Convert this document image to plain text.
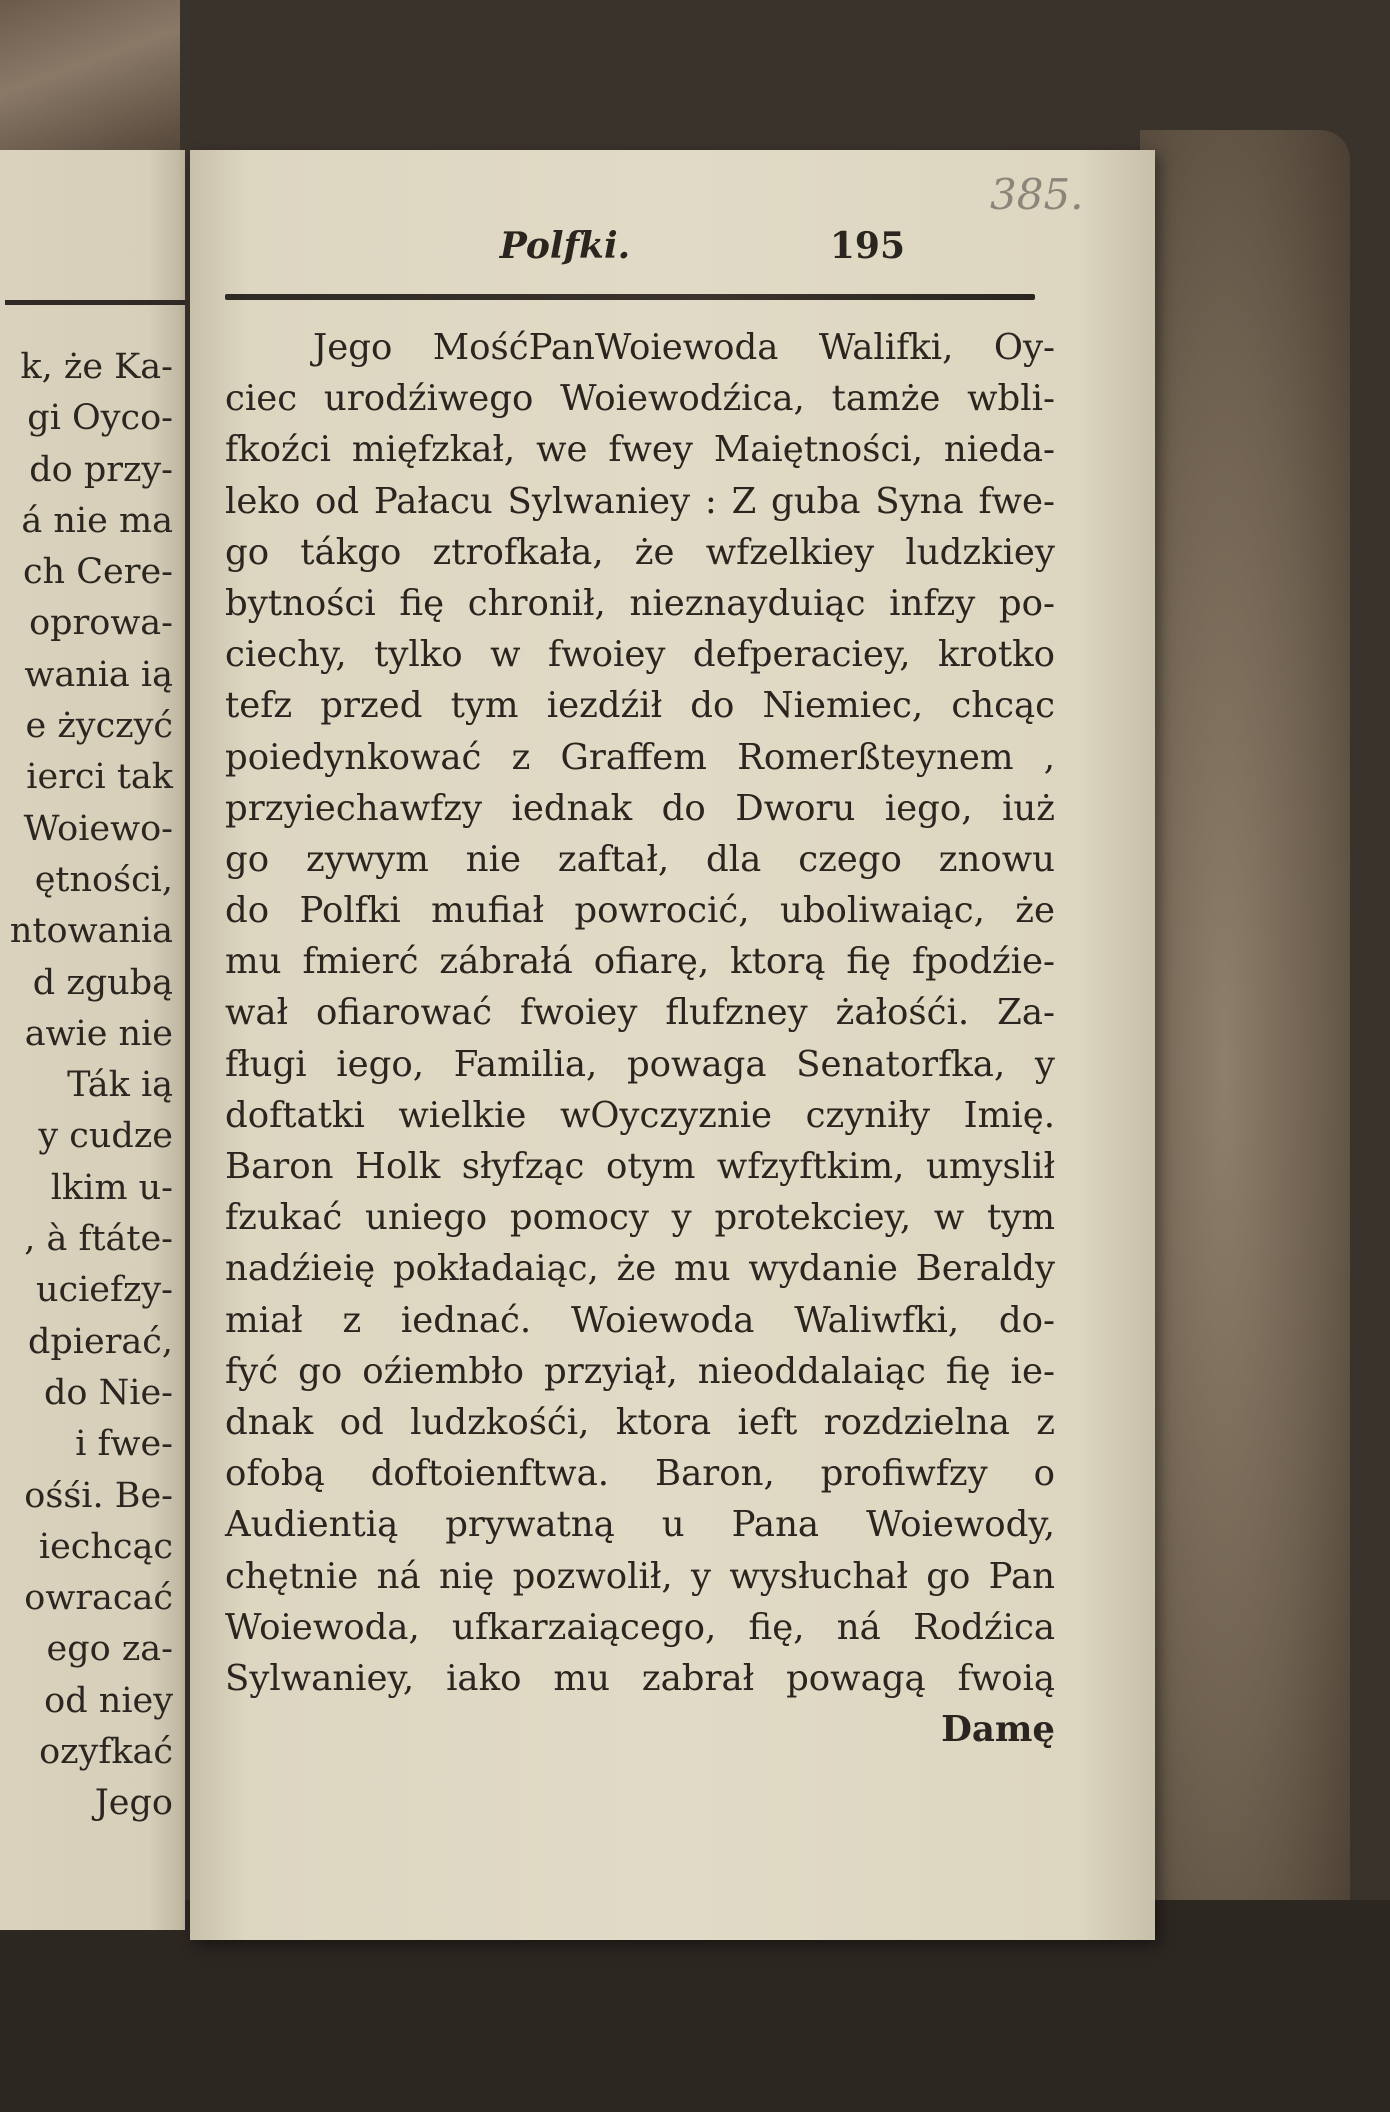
k, że Ka-
gi Oyco-
do przy-
á nie ma
ch Cere-
oprowa-
wania ią
e życzyć
ierci tak
Woiewo-
ętności,
ntowania
d zgubą
awie nie
Ták ią
y cudze
lkim u-
, à ftáte-
uciefzy-
dpierać,
do Nie-
i fwe-
ośśi. Be-
iechcąc
owracać
ego za-
od niey
ozyfkać
Jego
385.
Polfki.	195
Jego MośćPanWoiewoda Walifki, Oy-
ciec urodźiwego Woiewodźica, tamże wbli-
fkoźci mięfzkał, we fwey Maiętności, nieda-
leko od Pałacu Sylwaniey : Z guba Syna fwe-
go tákgo ztrofkała, że wfzelkiey ludzkiey
bytności fię chronił, nieznayduiąc infzy po-
ciechy, tylko w fwoiey defperaciey, krotko
tefz przed tym iezdźił do Niemiec, chcąc
poiedynkować z Graffem Romerßteynem ,
przyiechawfzy iednak do Dworu iego, iuż
go zywym nie zaftał, dla czego znowu
do Polfki mufiał powrocić, uboliwaiąc, że
mu fmierć zábrałá ofiarę, ktorą fię fpodźie-
wał ofiarować fwoiey flufzney żałośći. Za-
fługi iego, Familia, powaga Senatorfka, y
doftatki wielkie wOyczyznie czyniły Imię.
Baron Holk słyfząc otym wfzyftkim, umyslił
fzukać uniego pomocy y protekciey, w tym
nadźieię pokładaiąc, że mu wydanie Beraldy
miał z iednać. Woiewoda Waliwfki, do-
fyć go oźiembło przyiął, nieoddalaiąc fię ie-
dnak od ludzkośći, ktora ieft rozdzielna z
ofobą doftoienftwa. Baron, profiwfzy o
Audientią prywatną u Pana Woiewody,
chętnie ná nię pozwolił, y wysłuchał go Pan
Woiewoda, ufkarzaiącego, fię, ná Rodźica
Sylwaniey, iako mu zabrał powagą fwoią
Damę
